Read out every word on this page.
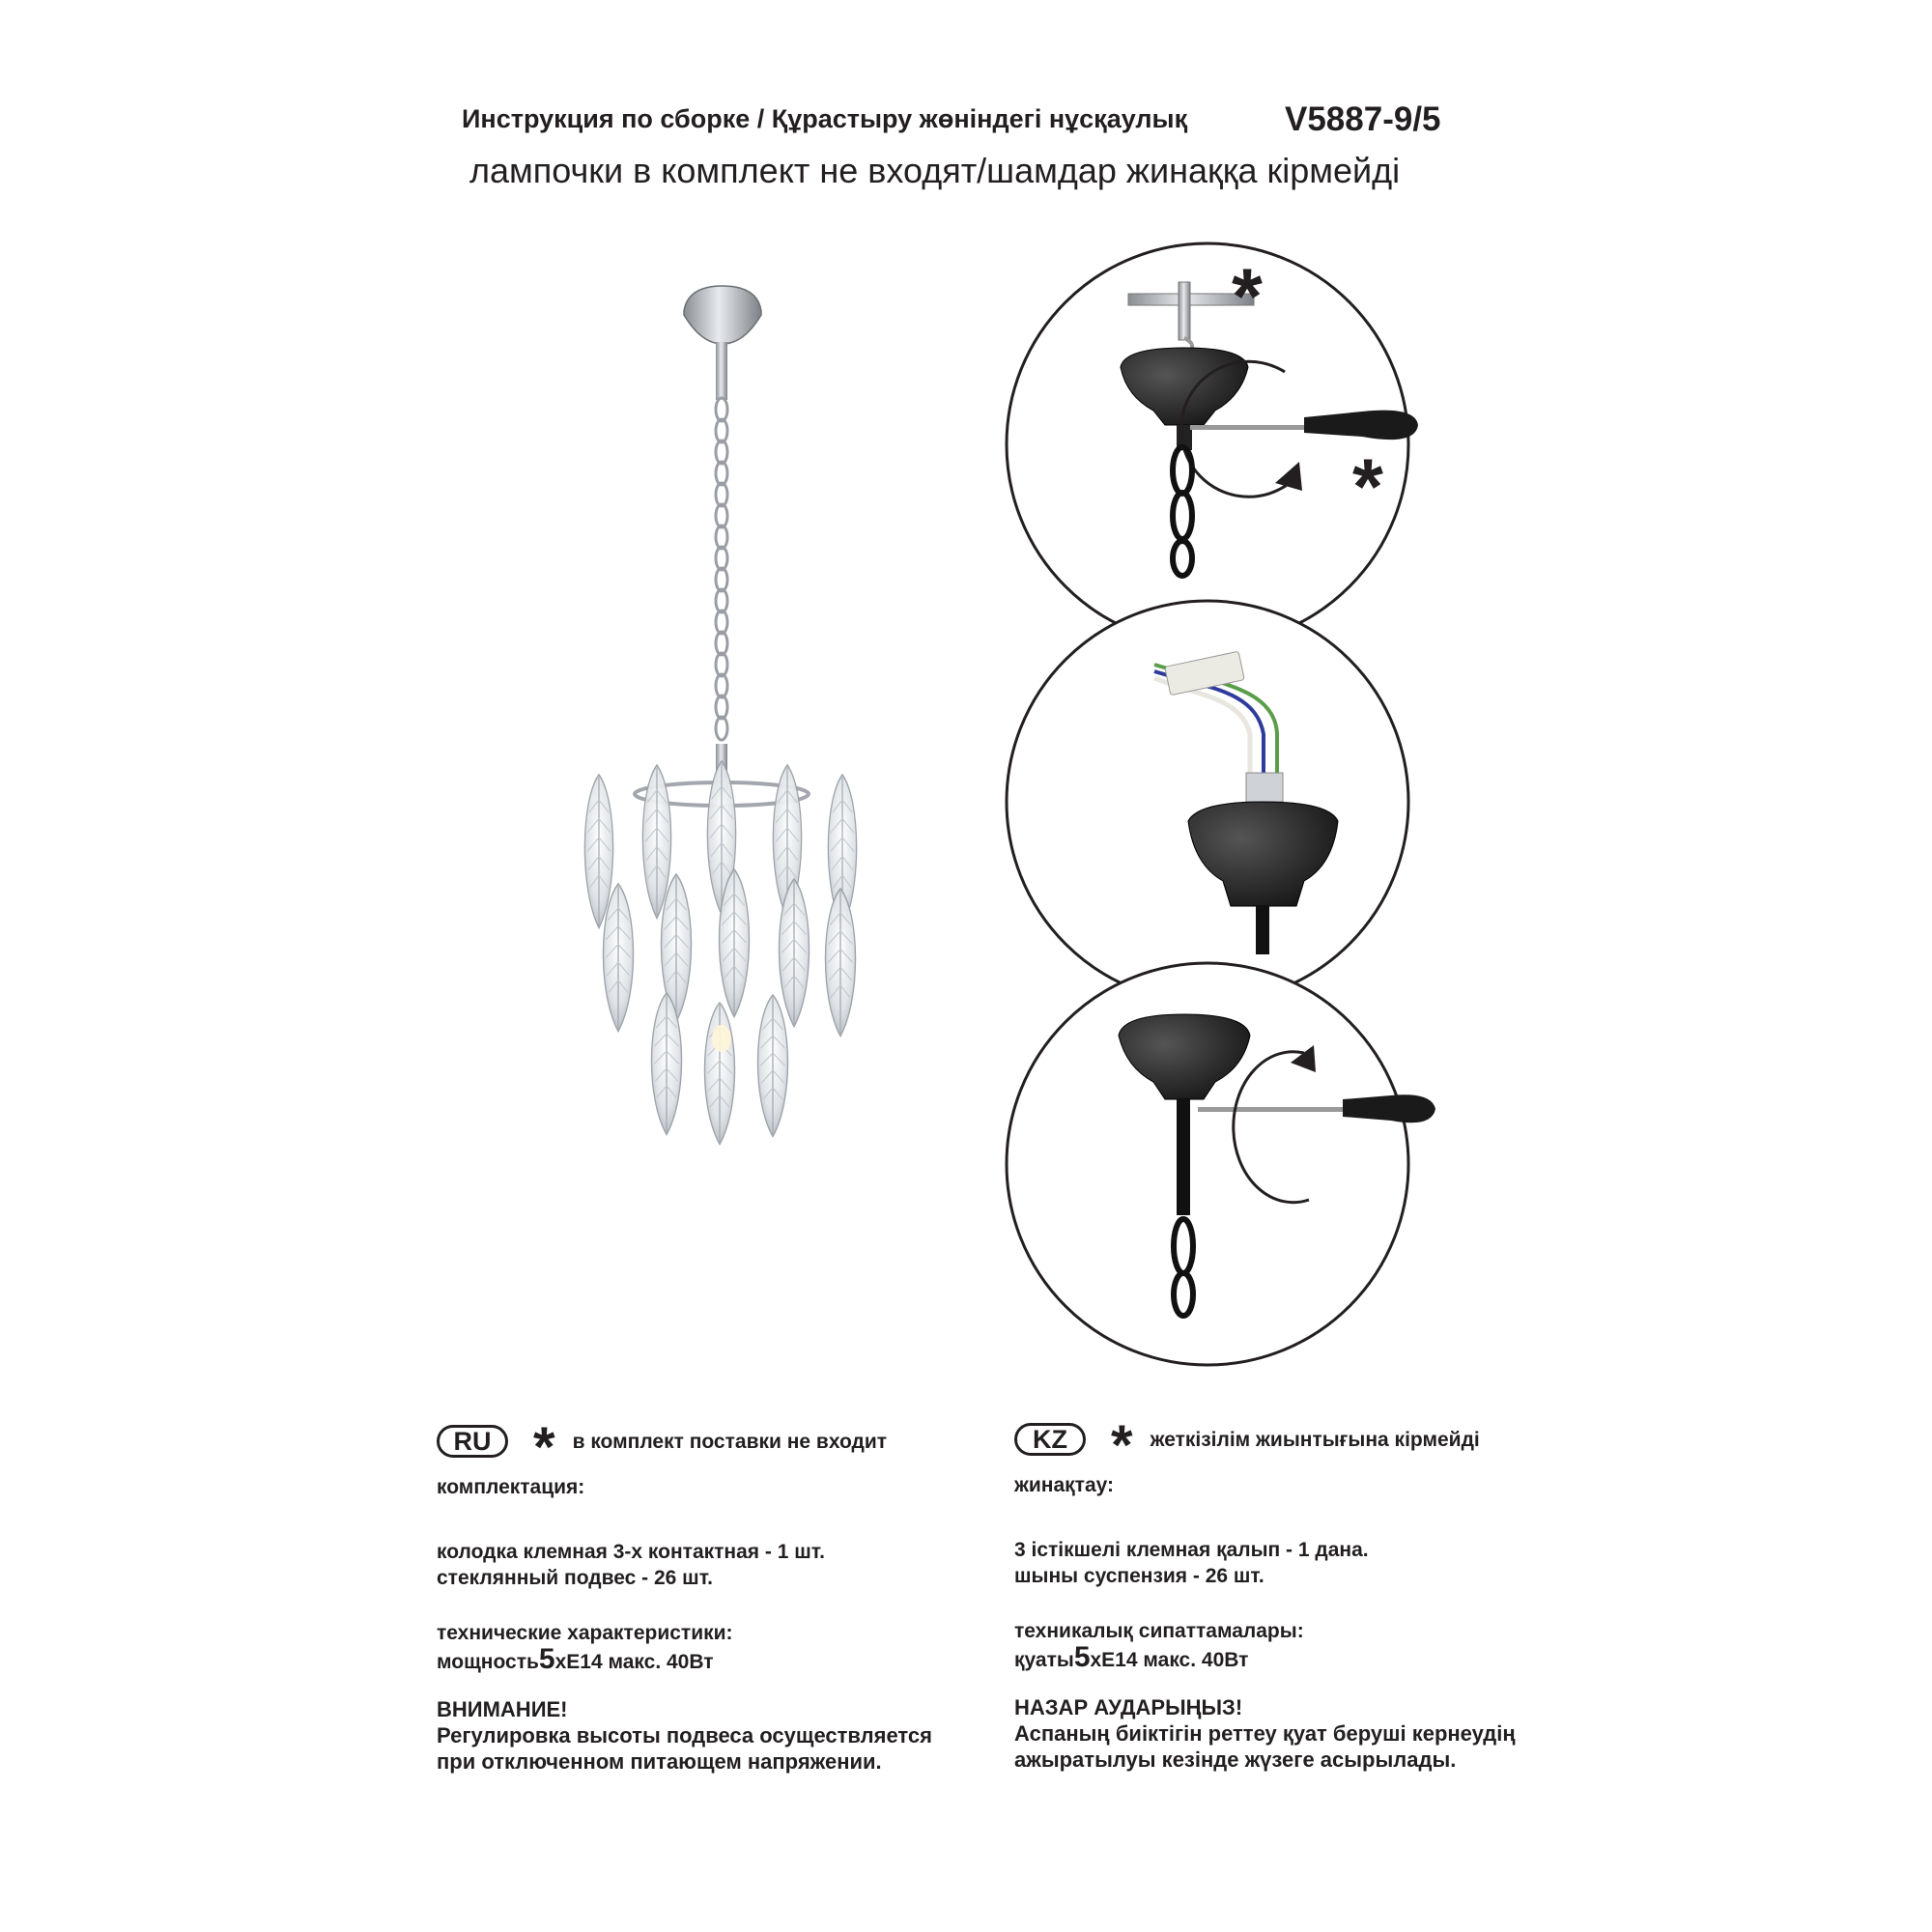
Инструкция по сборке / Құрастыру жөніндегі нұсқаулық	V5887-9/5
лампочки в комплект не входят/шамдар жинаққа кірмейді
*
*
RU * в комплект поставки не входит
комплектация:
колодка клемная 3-х контактная - 1 шт.
стеклянный подвес - 26 шт.
технические характеристики:
мощность5хE14 макс. 40Вт
ВНИМАНИЕ!
Регулировка высоты подвеса осуществляется
при отключенном питающем напряжении.
KZ * жеткізілім жиынтығына кірмейді
жинақтау:
3 істікшелі клемная қалып - 1 дана.
шыны суспензия - 26 шт.
техникалық сипаттамалары:
қуаты5хE14 макс. 40Вт
НАЗАР АУДАРЫҢЫЗ!
Аспаның биіктігін реттеу қуат беруші кернеудің
ажыратылуы кезінде жүзеге асырылады.
